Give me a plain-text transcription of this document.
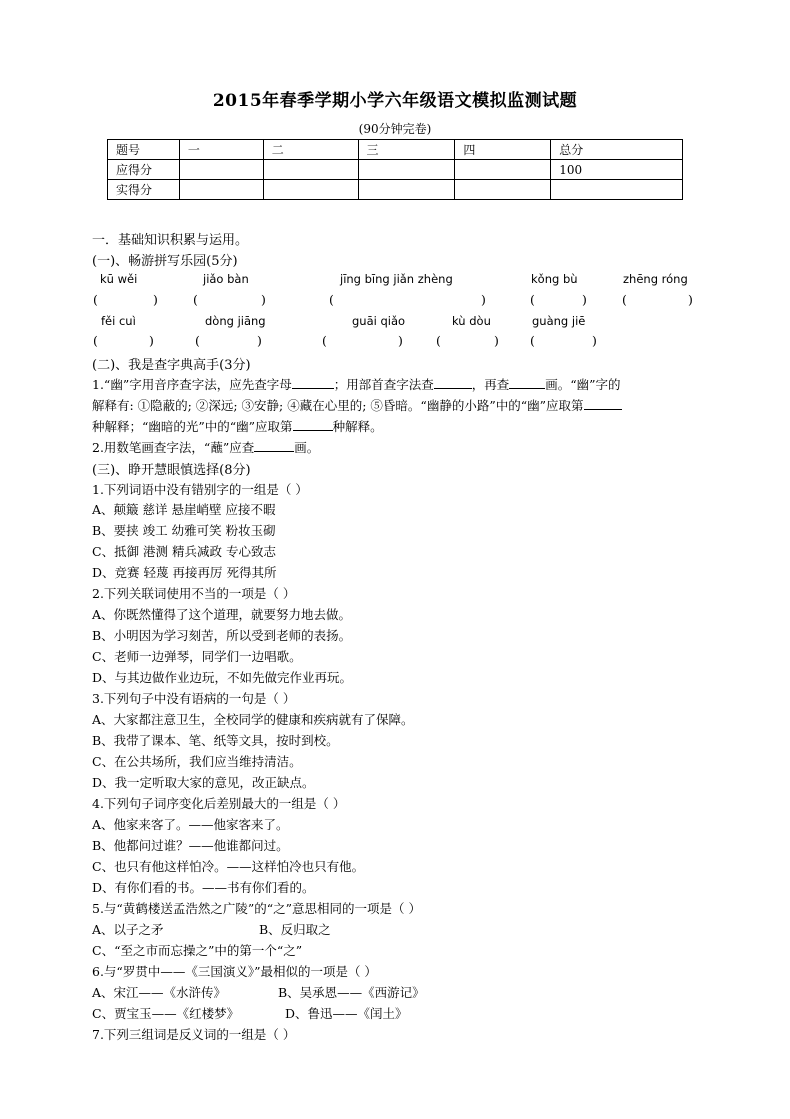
2015年春季学期小学六年级语文模拟监测试题
(90分钟完卷)
题号	一	二	三	四	总分
应得分					100
实得分					
一．基础知识积累与运用。
(一)、畅游拼写乐园(5分)
kū wěi	jiǎo bàn	jīng bīng jiǎn zhèng	kǒng bù	zhēng róng
(	)	(	)	(	)	(	)	(	)
fěi cuì	dòng jiāng	guāi qiǎo	kù dòu	guàng jiē
(	)	(	)	(	)	(	) (	)
(二)、我是查字典高手(3分)
1.“幽”字用音序查字法，应先查字母	；用部首查字法查	，再查	画。“幽”字的
解释有: ①隐蔽的; ②深远; ③安静; ④藏在心里的; ⑤昏暗。“幽静的小路”中的“幽”应取第
种解释；“幽暗的光”中的“幽”应取第	种解释。
2.用数笔画查字法，“蘸”应查	画。
(三)、睁开慧眼慎选择(8分)
1.下列词语中没有错别字的一组是（ ）
A、颠簸 慈详 悬崖峭壁 应接不暇
B、要挟 竣工 幼雅可笑 粉妆玉砌
C、抵御 港测 精兵减政 专心致志
D、竞赛 轻蔑 再接再厉 死得其所
2.下列关联词使用不当的一项是（ ）
A、你既然懂得了这个道理，就要努力地去做。
B、小明因为学习刻苦，所以受到老师的表扬。
C、老师一边弹琴，同学们一边唱歌。
D、与其边做作业边玩，不如先做完作业再玩。
3.下列句子中没有语病的一句是（ ）
A、大家都注意卫生，全校同学的健康和疾病就有了保障。
B、我带了课本、笔、纸等文具，按时到校。
C、在公共场所，我们应当维持清洁。
D、我一定听取大家的意见，改正缺点。
4.下列句子词序变化后差别最大的一组是（ ）
A、他家来客了。——他家客来了。
B、他都问过谁？——他谁都问过。
C、也只有他这样怕冷。——这样怕冷也只有他。
D、有你们看的书。——书有你们看的。
5.与“黄鹤楼送孟浩然之广陵”的“之”意思相同的一项是（ ）
A、以子之矛	B、反归取之
C、“至之市而忘操之”中的第一个“之”
6.与“罗贯中——《三国演义》”最相似的一项是（ ）
A、宋江——《水浒传》	B、吴承恩——《西游记》
C、贾宝玉——《红楼梦》	D、鲁迅——《闰土》
7.下列三组词是反义词的一组是（ ）
